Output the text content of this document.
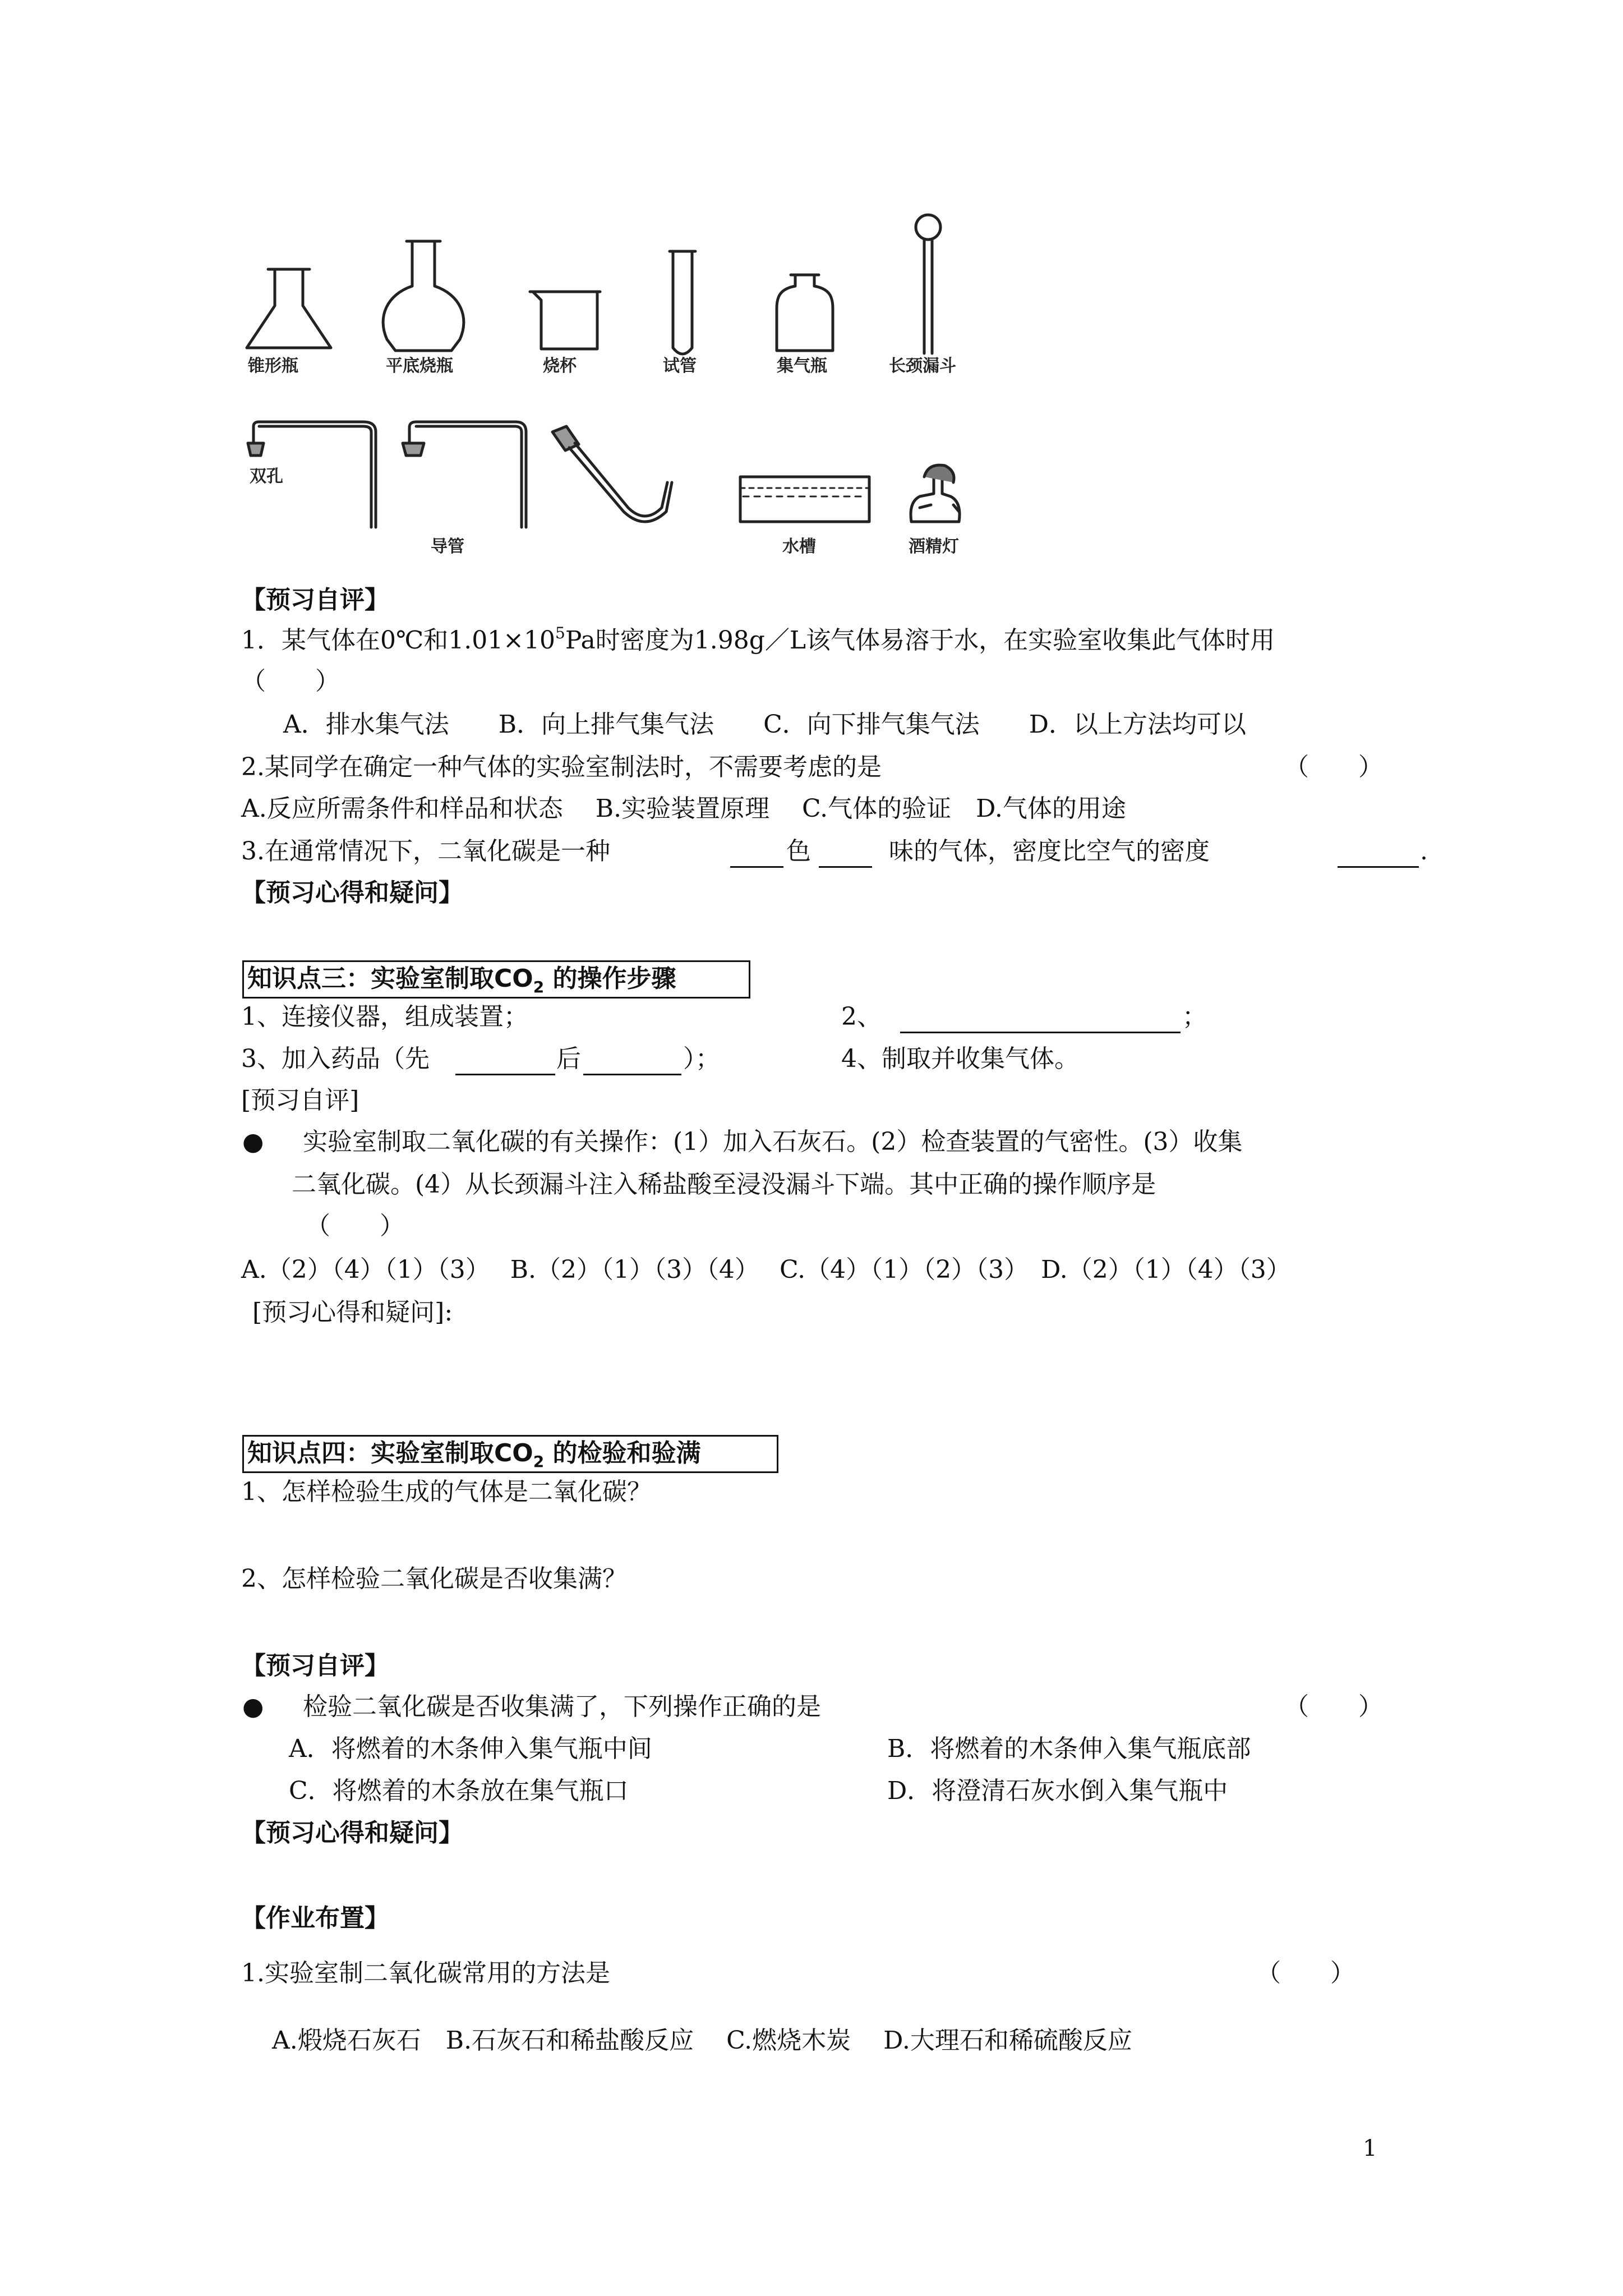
锥形瓶	平底烧瓶	烧杯	试管	集气瓶	长颈漏斗
双孔
导管	水槽	酒精灯
【预习自评】
1．某气体在0℃和$1.01\times 10^5Pa$时密度为1.98g／L该气体易溶于水，在实验室收集此气体时用
（　　）
A．排水集气法　　B．向上排气集气法　　C．向下排气集气法　　D．以上方法均可以
2.某同学在确定一种气体的实验室制法时，不需要考虑的是	（　　）
A.反应所需条件和样品和状态　 B.实验装置原理　 C.气体的验证　D.气体的用途
3.在通常情况下，二氧化碳是一种	色	味的气体，密度比空气的密度	.
【预习心得和疑问】
知识点三：实验室制取$CO_2$ 的操作步骤
1、连接仪器，组成装置；	2、	；
3、加入药品（先	后	）；	4、制取并收集气体。
[预习自评]
● 实验室制取二氧化碳的有关操作：(1）加入石灰石。(2）检查装置的气密性。(3）收集
二氧化碳。(4）从长颈漏斗注入稀盐酸至浸没漏斗下端。其中正确的操作顺序是
（　　）
A.（2）（4）（1）（3）　 B.（2）（1）（3）（4）　 C.（4）（1）（2）（3）　D.（2）（1）（4）（3）
[预习心得和疑问]:
知识点四：实验室制取$CO_2$ 的检验和验满
1、怎样检验生成的气体是二氧化碳？
2、怎样检验二氧化碳是否收集满？
【预习自评】
● 检验二氧化碳是否收集满了，下列操作正确的是	（　　）
A．将燃着的木条伸入集气瓶中间	B．将燃着的木条伸入集气瓶底部
C．将燃着的木条放在集气瓶口	D．将澄清石灰水倒入集气瓶中
【预习心得和疑问】
【作业布置】
1.实验室制二氧化碳常用的方法是	（　　）
A.煅烧石灰石　B.石灰石和稀盐酸反应　 C.燃烧木炭　 D.大理石和稀硫酸反应
1
